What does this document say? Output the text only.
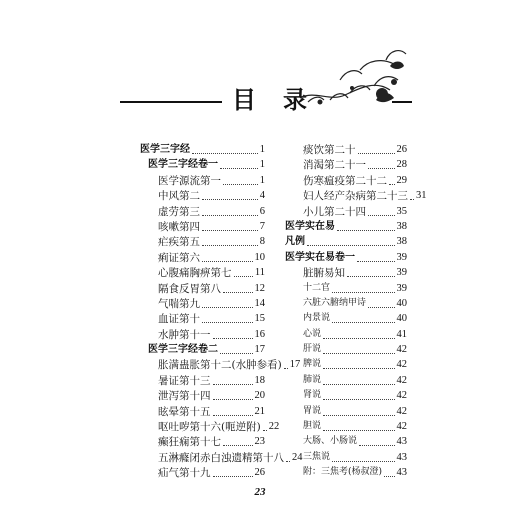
目 录
医学三字经	1
医学三字经卷一	1
医学源流第一	1
中风第二	4
虚劳第三	6
咳嗽第四	7
疟疾第五	8
痢证第六	10
心腹痛胸痹第七 11
隔食反胃第八	12
气喘第九	14
血证第十	15
水肿第十一	16
医学三字经卷二	17
胀满蛊胀第十二(水肿参看) 17
暑证第十三	18
泄泻第十四	20
眩晕第十五	21
呕吐哕第十六(呃逆附) 22
癫狂痫第十七	23
五淋癃闭赤白浊遗精第十八 24
疝气第十九	26
痰饮第二十	26
消渴第二十一	28
伤寒瘟疫第二十二 29
妇人经产杂病第二十三 31
小儿第二十四	35
医学实在易	38
凡例	38
医学实在易卷一	39
脏腑易知	39
十二官	39
六脏六腑纳甲诗	40
内景说	40
心说	41
肝说	42
脾说	42
肺说	42
肾说	42
胃说	42
胆说	42
大肠、小肠说	43
三焦说	43
附：三焦考(杨叔澄) 43
23
